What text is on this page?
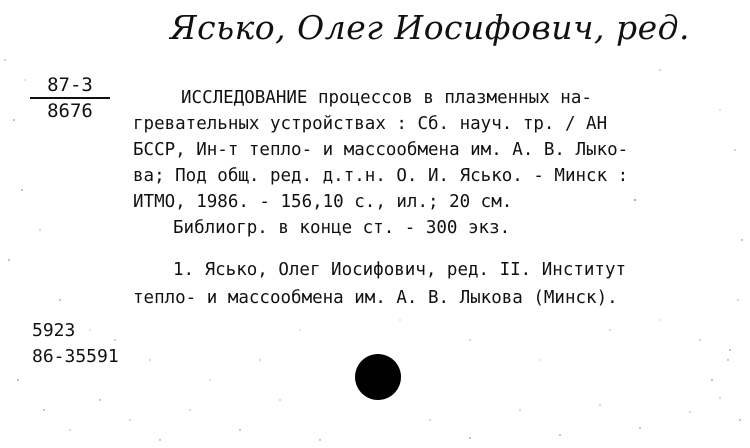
Ясько, Олег Иосифович, ред.
87-3
8676
ИССЛЕДОВАНИЕ процессов в плазменных на-
гревательных устройствах : Сб. науч. тр. / АН
БССР, Ин-т тепло- и массообмена им. А. В. Лыко-
ва; Под общ. ред. д.т.н. О. И. Ясько. - Минск :
ИТМО, 1986. - 156,10 с., ил.; 20 см.
Библиогр. в конце ст. - 300 экз.
1. Ясько, Олег Иосифович, ред. II. Институт
тепло- и массообмена им. А. В. Лыкова (Минск).
5923
86-35591
